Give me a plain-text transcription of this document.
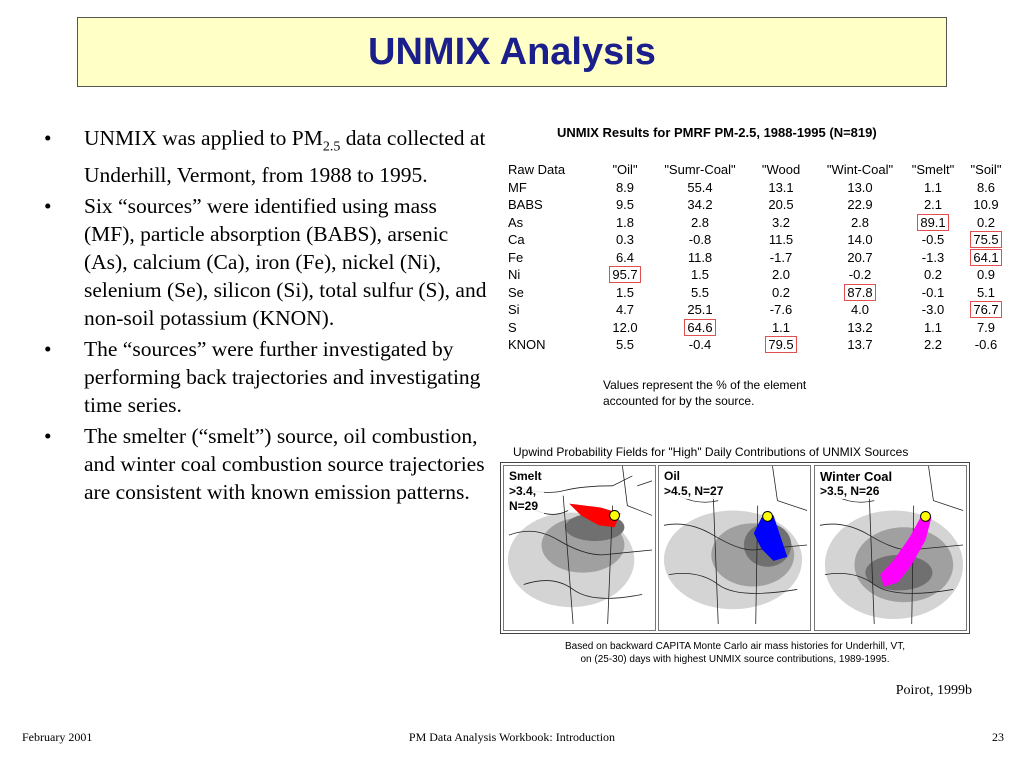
UNMIX Analysis
• UNMIX was applied to $PM_{2.5}$ data collected at Underhill, Vermont, from 1988 to 1995.
• Six “sources” were identified using mass (MF), particle absorption (BABS), arsenic (As), calcium (Ca), iron (Fe), nickel (Ni), selenium (Se), silicon (Si), total sulfur (S), and non-soil potassium (KNON).
• The “sources” were further investigated by performing back trajectories and investigating time series.
• The smelter (“smelt”) source, oil combustion, and winter coal combustion source trajectories are consistent with known emission patterns.
UNMIX Results for PMRF PM-2.5, 1988-1995 (N=819)
Raw Data	"Oil"	"Sumr-Coal"	"Wood	"Wint-Coal"	"Smelt"	"Soil"
MF	8.9	55.4	13.1	13.0	1.1	8.6
BABS	9.5	34.2	20.5	22.9	2.1	10.9
As	1.8	2.8	3.2	2.8	89.1	0.2
Ca	0.3	-0.8	11.5	14.0	-0.5	75.5
Fe	6.4	11.8	-1.7	20.7	-1.3	64.1
Ni	95.7	1.5	2.0	-0.2	0.2	0.9
Se	1.5	5.5	0.2	87.8	-0.1	5.1
Si	4.7	25.1	-7.6	4.0	-3.0	76.7
S	12.0	64.6	1.1	13.2	1.1	7.9
KNON	5.5	-0.4	79.5	13.7	2.2	-0.6
Values represent the % of the element
accounted for by the source.
Upwind Probability Fields for "High" Daily Contributions of UNMIX Sources
Smelt
>3.4,
N=29
Oil
>4.5, N=27
Winter Coal
>3.5, N=26
Based on backward CAPITA Monte Carlo air mass histories for Underhill, VT,
on (25-30) days with highest UNMIX source contributions, 1989-1995.
Poirot, 1999b
February 2001	PM Data Analysis Workbook: Introduction	23
